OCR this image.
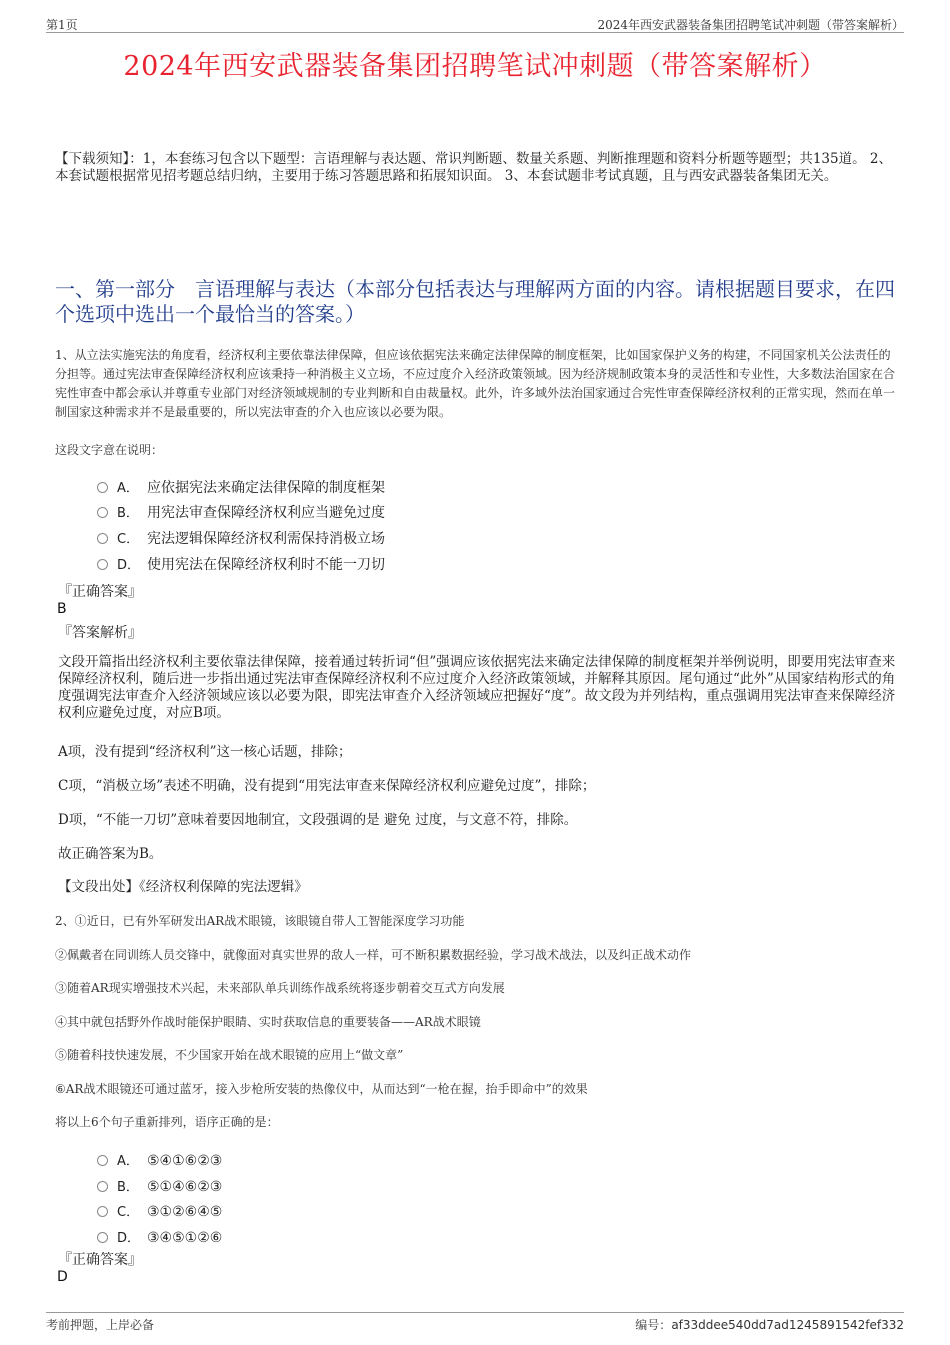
第1页	2024年西安武器装备集团招聘笔试冲刺题（带答案解析）
2024年西安武器装备集团招聘笔试冲刺题（带答案解析）
【下载须知】：1，本套练习包含以下题型：言语理解与表达题、常识判断题、数量关系题、判断推理题和资料分析题等题型；共135道。 2、本套试题根据常见招考题总结归纳，主要用于练习答题思路和拓展知识面。 3、本套试题非考试真题，且与西安武器装备集团无关。
一、第一部分　言语理解与表达（本部分包括表达与理解两方面的内容。请根据题目要求，在四个选项中选出一个最恰当的答案。）
1、从立法实施宪法的角度看，经济权利主要依靠法律保障，但应该依据宪法来确定法律保障的制度框架，比如国家保护义务的构建，不同国家机关公法责任的分担等。通过宪法审查保障经济权利应该秉持一种消极主义立场，不应过度介入经济政策领域。因为经济规制政策本身的灵活性和专业性，大多数法治国家在合宪性审查中都会承认并尊重专业部门对经济领域规制的专业判断和自由裁量权。此外，许多域外法治国家通过合宪性审查保障经济权利的正常实现，然而在单一制国家这种需求并不是最重要的，所以宪法审查的介入也应该以必要为限。
这段文字意在说明：
A． 应依据宪法来确定法律保障的制度框架
B． 用宪法审查保障经济权利应当避免过度
C． 宪法逻辑保障经济权利需保持消极立场
D． 使用宪法在保障经济权利时不能一刀切
『正确答案』
B
『答案解析』
文段开篇指出经济权利主要依靠法律保障，接着通过转折词“但”强调应该依据宪法来确定法律保障的制度框架并举例说明，即要用宪法审查来保障经济权利，随后进一步指出通过宪法审查保障经济权利不应过度介入经济政策领域，并解释其原因。尾句通过“此外”从国家结构形式的角度强调宪法审查介入经济领域应该以必要为限，即宪法审查介入经济领域应把握好“度”。故文段为并列结构，重点强调用宪法审查来保障经济权利应避免过度，对应B项。
A项，没有提到“经济权利”这一核心话题，排除；
C项，“消极立场”表述不明确，没有提到“用宪法审查来保障经济权利应避免过度”，排除；
D项，“不能一刀切”意味着要因地制宜，文段强调的是 避免 过度，与文意不符，排除。
故正确答案为B。
【文段出处】《经济权利保障的宪法逻辑》
2、①近日，已有外军研发出AR战术眼镜，该眼镜自带人工智能深度学习功能
②佩戴者在同训练人员交锋中，就像面对真实世界的敌人一样，可不断积累数据经验，学习战术战法，以及纠正战术动作
③随着AR现实增强技术兴起，未来部队单兵训练作战系统将逐步朝着交互式方向发展
④其中就包括野外作战时能保护眼睛、实时获取信息的重要装备——AR战术眼镜
⑤随着科技快速发展，不少国家开始在战术眼镜的应用上“做文章”
⑥AR战术眼镜还可通过蓝牙，接入步枪所安装的热像仪中，从而达到“一枪在握，抬手即命中”的效果
将以上6个句子重新排列，语序正确的是：
A． ⑤④①⑥②③
B． ⑤①④⑥②③
C． ③①②⑥④⑤
D． ③④⑤①②⑥
『正确答案』
D
考前押题，上岸必备	编号：af33ddee540dd7ad1245891542fef332
